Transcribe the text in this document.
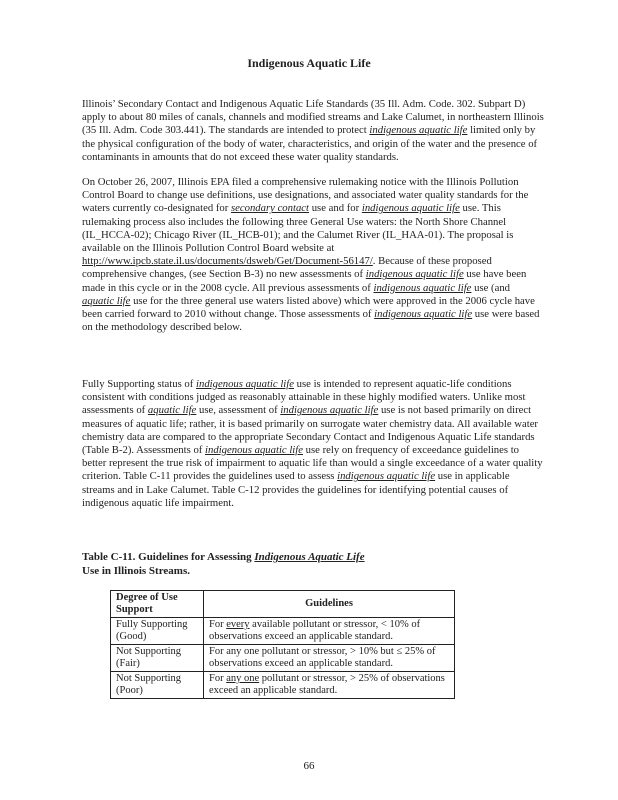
Indigenous Aquatic Life

Illinois’ Secondary Contact and Indigenous Aquatic Life Standards (35 Ill. Adm. Code. 302. Subpart D) apply to about 80 miles of canals, channels and modified streams and Lake Calumet, in northeastern Illinois (35 Ill. Adm. Code 303.441). The standards are intended to protect indigenous aquatic life limited only by the physical configuration of the body of water, characteristics, and origin of the water and the presence of contaminants in amounts that do not exceed these water quality standards.

On October 26, 2007, Illinois EPA filed a comprehensive rulemaking notice with the Illinois Pollution Control Board to change use definitions, use designations, and associated water quality standards for the waters currently co-designated for secondary contact use and for indigenous aquatic life use. This rulemaking process also includes the following three General Use waters: the North Shore Channel (IL_HCCA-02); Chicago River (IL_HCB-01); and the Calumet River (IL_HAA-01). The proposal is available on the Illinois Pollution Control Board website at http://www.ipcb.state.il.us/documents/dsweb/Get/Document-56147/. Because of these proposed comprehensive changes, (see Section B-3) no new assessments of indigenous aquatic life use have been made in this cycle or in the 2008 cycle. All previous assessments of indigenous aquatic life use (and aquatic life use for the three general use waters listed above) which were approved in the 2006 cycle have been carried forward to 2010 without change. Those assessments of indigenous aquatic life use were based on the methodology described below.

Fully Supporting status of indigenous aquatic life use is intended to represent aquatic-life conditions consistent with conditions judged as reasonably attainable in these highly modified waters. Unlike most assessments of aquatic life use, assessment of indigenous aquatic life use is not based primarily on direct measures of aquatic life; rather, it is based primarily on surrogate water chemistry data. All available water chemistry data are compared to the appropriate Secondary Contact and Indigenous Aquatic Life standards (Table B-2). Assessments of indigenous aquatic life use rely on frequency of exceedance guidelines to better represent the true risk of impairment to aquatic life than would a single exceedance of a water quality criterion. Table C-11 provides the guidelines used to assess indigenous aquatic life use in applicable streams and in Lake Calumet. Table C-12 provides the guidelines for identifying potential causes of indigenous aquatic life impairment.

Table C-11. Guidelines for Assessing Indigenous Aquatic Life
Use in Illinois Streams.
Degree of Use Support	Guidelines
Fully Supporting (Good)	For every available pollutant or stressor, < 10% of observations exceed an applicable standard.
Not Supporting (Fair)	For any one pollutant or stressor, > 10% but ≤ 25% of observations exceed an applicable standard.
Not Supporting (Poor)	For any one pollutant or stressor, > 25% of observations exceed an applicable standard.
66
